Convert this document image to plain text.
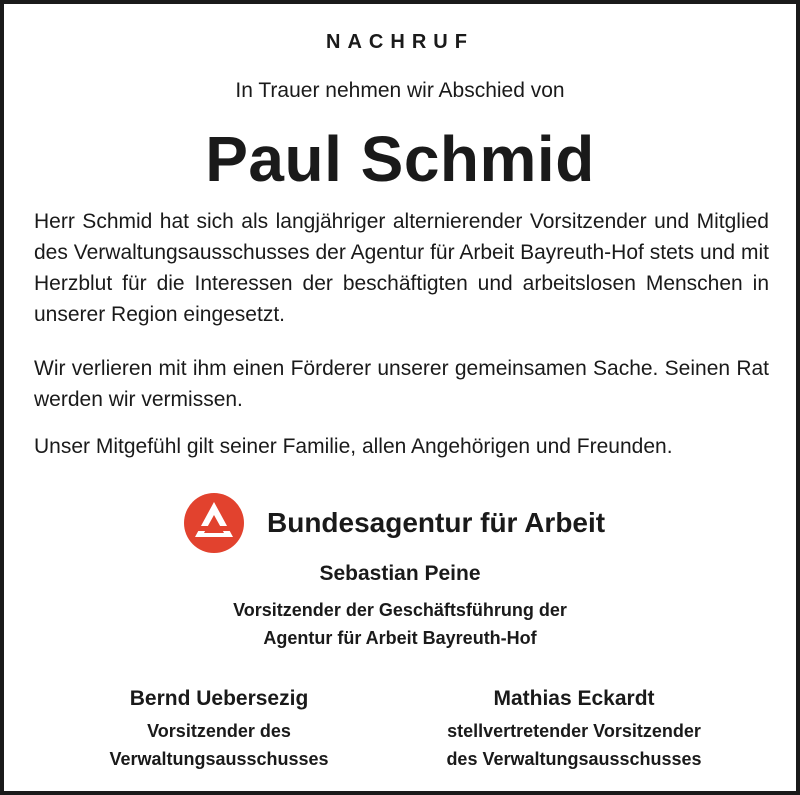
NACHRUF
In Trauer nehmen wir Abschied von
Paul Schmid

Herr Schmid hat sich als langjähriger alternierender Vorsitzender und Mitglied des Verwaltungsausschusses der Agentur für Arbeit Bayreuth-Hof stets und mit Herzblut für die Interessen der beschäftigten und arbeitslosen Menschen in unserer Region eingesetzt.

Wir verlieren mit ihm einen Förderer unserer gemeinsamen Sache. Seinen Rat werden wir vermissen.

Unser Mitgefühl gilt seiner Familie, allen Angehörigen und Freunden.

Bundesagentur für Arbeit
Sebastian Peine
Vorsitzender der Geschäftsführung der
Agentur für Arbeit Bayreuth-Hof
Bernd Uebersezig
Vorsitzender des
Verwaltungsausschusses
Mathias Eckardt
stellvertretender Vorsitzender
des Verwaltungsausschusses
